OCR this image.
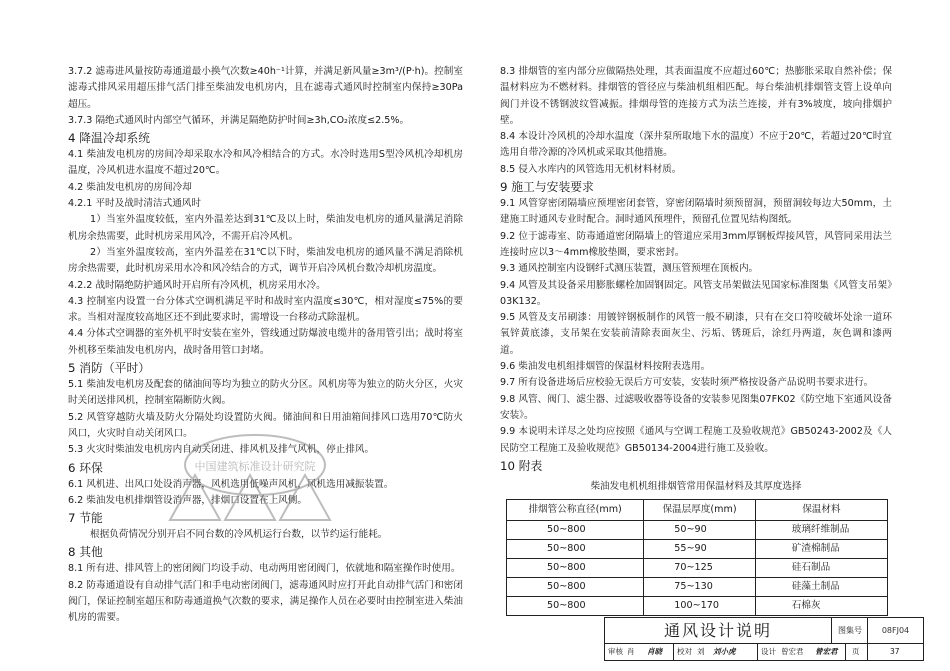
3.7.2 滤毒进风量按防毒通道最小换气次数≥40h⁻¹计算，并满足新风量≥3m³/(P·h)。控制室滤毒式排风采用超压排气活门排至柴油发电机房内，且在滤毒式通风时控制室内保持≥30Pa超压。

3.7.3 隔绝式通风时内部空气循环，并满足隔绝防护时间≥3h,CO₂浓度≤2.5%。

4 降温冷却系统

4.1 柴油发电机房的房间冷却采取水冷和风冷相结合的方式。水冷时选用S型冷风机冷却机房温度，冷风机进水温度不超过20℃。

4.2 柴油发电机房的房间冷却

4.2.1 平时及战时清洁式通风时

1）当室外温度较低，室内外温差达到31℃及以上时，柴油发电机房的通风量满足消除机房余热需要，此时机房采用风冷，不需开启冷风机。

2）当室外温度较高，室内外温差在31℃以下时，柴油发电机房的通风量不满足消除机房余热需要，此时机房采用水冷和风冷结合的方式，调节开启冷风机台数冷却机房温度。

4.2.2 战时隔绝防护通风时开启所有冷风机，机房采用水冷。

4.3 控制室内设置一台分体式空调机满足平时和战时室内温度≤30℃，相对湿度≤75%的要求。当相对湿度较高地区还不到此要求时，需增设一台移动式除湿机。

4.4 分体式空调器的室外机平时安装在室外，管线通过防爆波电缆井的备用管引出；战时将室外机移至柴油发电机房内，战时备用管口封堵。

5 消防（平时）

5.1 柴油发电机房及配套的储油间等均为独立的防火分区。风机房等为独立的防火分区，火灾时关闭送排风机，控制室隔断防火阀。

5.2 风管穿越防火墙及防火分隔处均设置防火阀。储油间和日用油箱间排风口选用70℃防火风口，火灾时自动关闭风口。

5.3 火灾时柴油发电机房内自动关闭进、排风机及排气风机，停止排风。

6 环保

6.1 风机进、出风口处设消声器，风机选用低噪声风机，风机选用减振装置。

6.2 柴油发电机排烟管设消声器，排烟口设置在上风侧。

7 节能

根据负荷情况分别开启不同台数的冷风机运行台数，以节约运行能耗。

8 其他

8.1 所有进、排风管上的密闭阀门均设手动、电动两用密闭阀门，依就地和隔室操作时使用。

8.2 防毒通道设有自动排气活门和手电动密闭阀门，滤毒通风时应打开此自动排气活门和密闭阀门，保证控制室超压和防毒通道换气次数的要求，满足操作人员在必要时由控制室进入柴油机房的需要。

8.3 排烟管的室内部分应做隔热处理，其表面温度不应超过60℃；热膨胀采取自然补偿；保温材料应为不燃材料。排烟管的管径应与柴油机组相匹配。每台柴油机排烟管支管上设单向阀门并设不锈钢波纹管减振。排烟母管的连接方式为法兰连接，并有3%坡度，坡向排烟护壁。

8.4 本设计冷风机的冷却水温度（深井泵所取地下水的温度）不应于20℃，若超过20℃时宜选用自带冷源的冷风机或采取其他措施。

8.5 侵入水库内的风管选用无机材料材质。

9 施工与安装要求

9.1 风管穿密闭隔墙应预埋密闭套管，穿密闭隔墙时须预留洞，预留洞较每边大50mm，土建施工时通风专业时配合。洞时通风预埋件，预留孔位置见结构图纸。

9.2 位于滤毒室、防毒通道密闭隔墙上的管道应采用3mm厚钢板焊接风管，风管同采用法兰连接时应以3～4mm橡胶垫圈，要求密封。

9.3 通风控制室内设钢纤式测压装置，测压管预埋在顶板内。

9.4 风管及其设备采用膨胀螺栓加固钢固定。风管支吊架做法见国家标准图集《风管支吊架》03K132。

9.5 风管及支吊刷漆：用镀锌钢板制作的风管一般不刷漆，只有在交口符咬破坏处涂一道环氧锌黄底漆，支吊架在安装前清除表面灰尘、污垢、锈斑后，涂红丹两道，灰色调和漆两道。

9.6 柴油发电机组排烟管的保温材料按附表选用。

9.7 所有设备进场后应校验无误后方可安装，安装时须严格按设备产品说明书要求进行。

9.8 风管、阀门、滤尘器、过滤吸收器等设备的安装参见图集07FK02《防空地下室通风设备安装》。

9.9 本说明未详尽之处均应按照《通风与空调工程施工及验收规范》GB50243-2002及《人民防空工程施工及验收规范》GB50134-2004进行施工及验收。

10 附表

柴油发电机机组排烟管常用保温材料及其厚度选择
排烟管公称直径(mm)	保温层厚度(mm)	保温材料
50~800	50~90	玻璃纤维制品
50~800	55~90	矿渣棉制品
50~800	70~125	硅石制品
50~800	75~130	硅藻土制品
50~800	100~170	石棉灰
中国建筑标准设计研究院
通风设计说明	图集号	08FJ04
审核 肖 肖晓 校对 刘 刘小虎	设计 曾宏君 曾宏君 页	37
